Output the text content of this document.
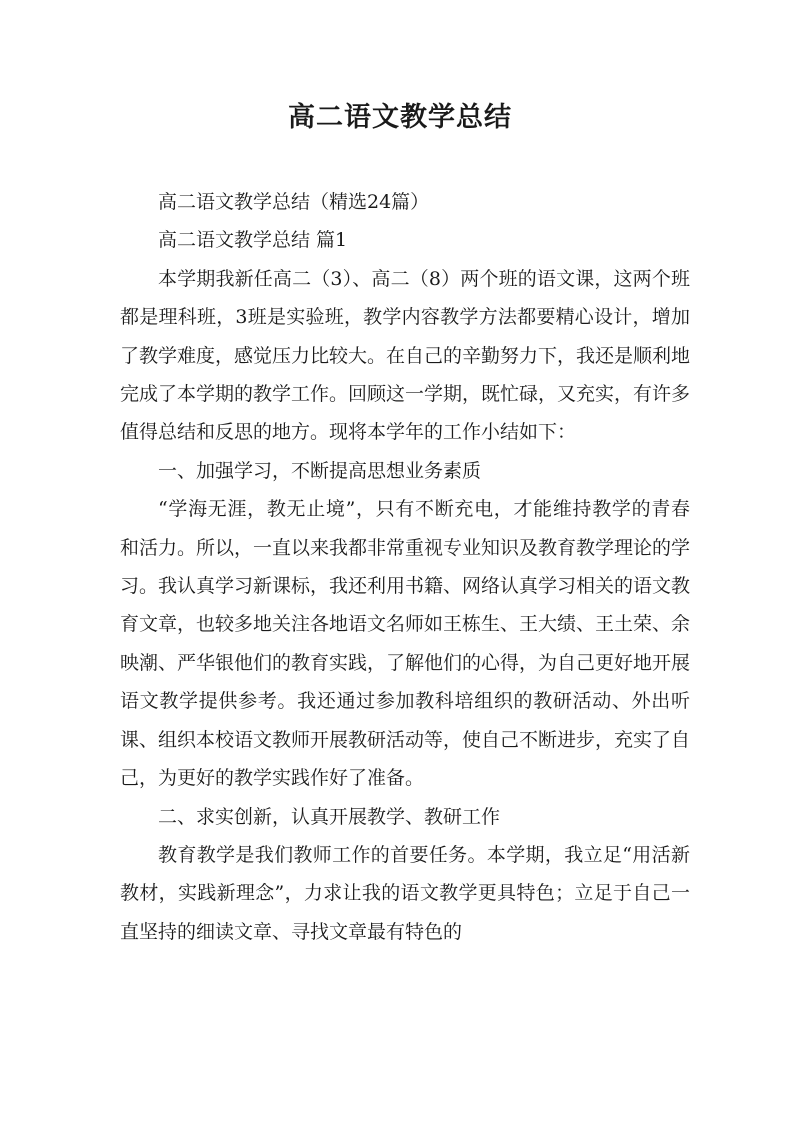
高二语文教学总结

高二语文教学总结（精选24篇）

高二语文教学总结 篇1

本学期我新任高二（3）、高二（8）两个班的语文课，这两个班都是理科班，3班是实验班，教学内容教学方法都要精心设计，增加了教学难度，感觉压力比较大。在自己的辛勤努力下，我还是顺利地完成了本学期的教学工作。回顾这一学期，既忙碌，又充实，有许多值得总结和反思的地方。现将本学年的工作小结如下：

一、加强学习，不断提高思想业务素质

“学海无涯，教无止境”，只有不断充电，才能维持教学的青春和活力。所以，一直以来我都非常重视专业知识及教育教学理论的学习。我认真学习新课标，我还利用书籍、网络认真学习相关的语文教育文章，也较多地关注各地语文名师如王栋生、王大绩、王土荣、余映潮、严华银他们的教育实践，了解他们的心得，为自己更好地开展语文教学提供参考。我还通过参加教科培组织的教研活动、外出听课、组织本校语文教师开展教研活动等，使自己不断进步，充实了自己，为更好的教学实践作好了准备。

二、求实创新，认真开展教学、教研工作

教育教学是我们教师工作的首要任务。本学期，我立足“用活新教材，实践新理念”，力求让我的语文教学更具特色；立足于自己一直坚持的细读文章、寻找文章最有特色的
